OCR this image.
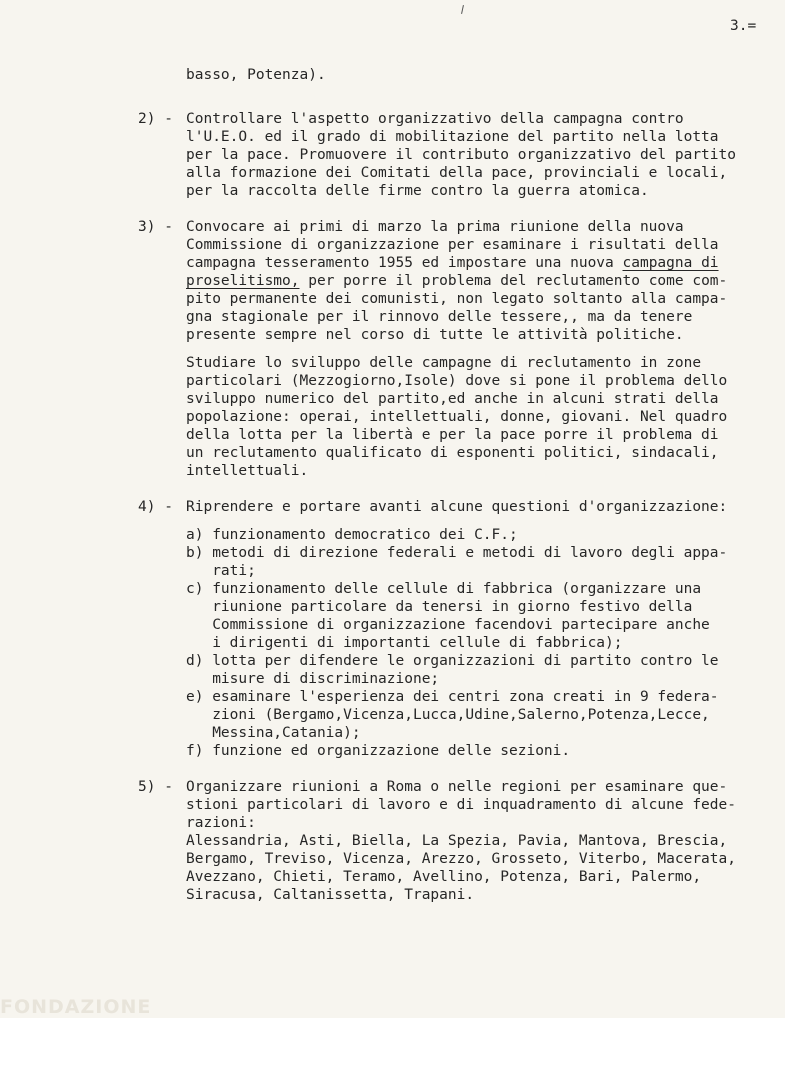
3.=
basso, Potenza).
2) - Controllare l'aspetto organizzativo della campagna contro
l'U.E.O. ed il grado di mobilitazione del partito nella lotta
per la pace. Promuovere il contributo organizzativo del partito
alla formazione dei Comitati della pace, provinciali e locali,
per la raccolta delle firme contro la guerra atomica.
3) - Convocare ai primi di marzo la prima riunione della nuova
Commissione di organizzazione per esaminare i risultati della
campagna tesseramento 1955 ed impostare una nuova campagna di
proselitismo, per porre il problema del reclutamento come com-
pito permanente dei comunisti, non legato soltanto alla campa-
gna stagionale per il rinnovo delle tessere,, ma da tenere
presente sempre nel corso di tutte le attività politiche.
Studiare lo sviluppo delle campagne di reclutamento in zone
particolari (Mezzogiorno,Isole) dove si pone il problema dello
sviluppo numerico del partito,ed anche in alcuni strati della
popolazione: operai, intellettuali, donne, giovani. Nel quadro
della lotta per la libertà e per la pace porre il problema di
un reclutamento qualificato di esponenti politici, sindacali,
intellettuali.
4) - Riprendere e portare avanti alcune questioni d'organizzazione:
a) funzionamento democratico dei C.F.;
b) metodi di direzione federali e metodi di lavoro degli appa-
rati;
c) funzionamento delle cellule di fabbrica (organizzare una
riunione particolare da tenersi in giorno festivo della
Commissione di organizzazione facendovi partecipare anche
i dirigenti di importanti cellule di fabbrica);
d) lotta per difendere le organizzazioni di partito contro le
misure di discriminazione;
e) esaminare l'esperienza dei centri zona creati in 9 federa-
zioni (Bergamo,Vicenza,Lucca,Udine,Salerno,Potenza,Lecce,
Messina,Catania);
f) funzione ed organizzazione delle sezioni.
5) - Organizzare riunioni a Roma o nelle regioni per esaminare que-
stioni particolari di lavoro e di inquadramento di alcune fede-
razioni:
Alessandria, Asti, Biella, La Spezia, Pavia, Mantova, Brescia,
Bergamo, Treviso, Vicenza, Arezzo, Grosseto, Viterbo, Macerata,
Avezzano, Chieti, Teramo, Avellino, Potenza, Bari, Palermo,
Siracusa, Caltanissetta, Trapani.
FONDAZIONE
